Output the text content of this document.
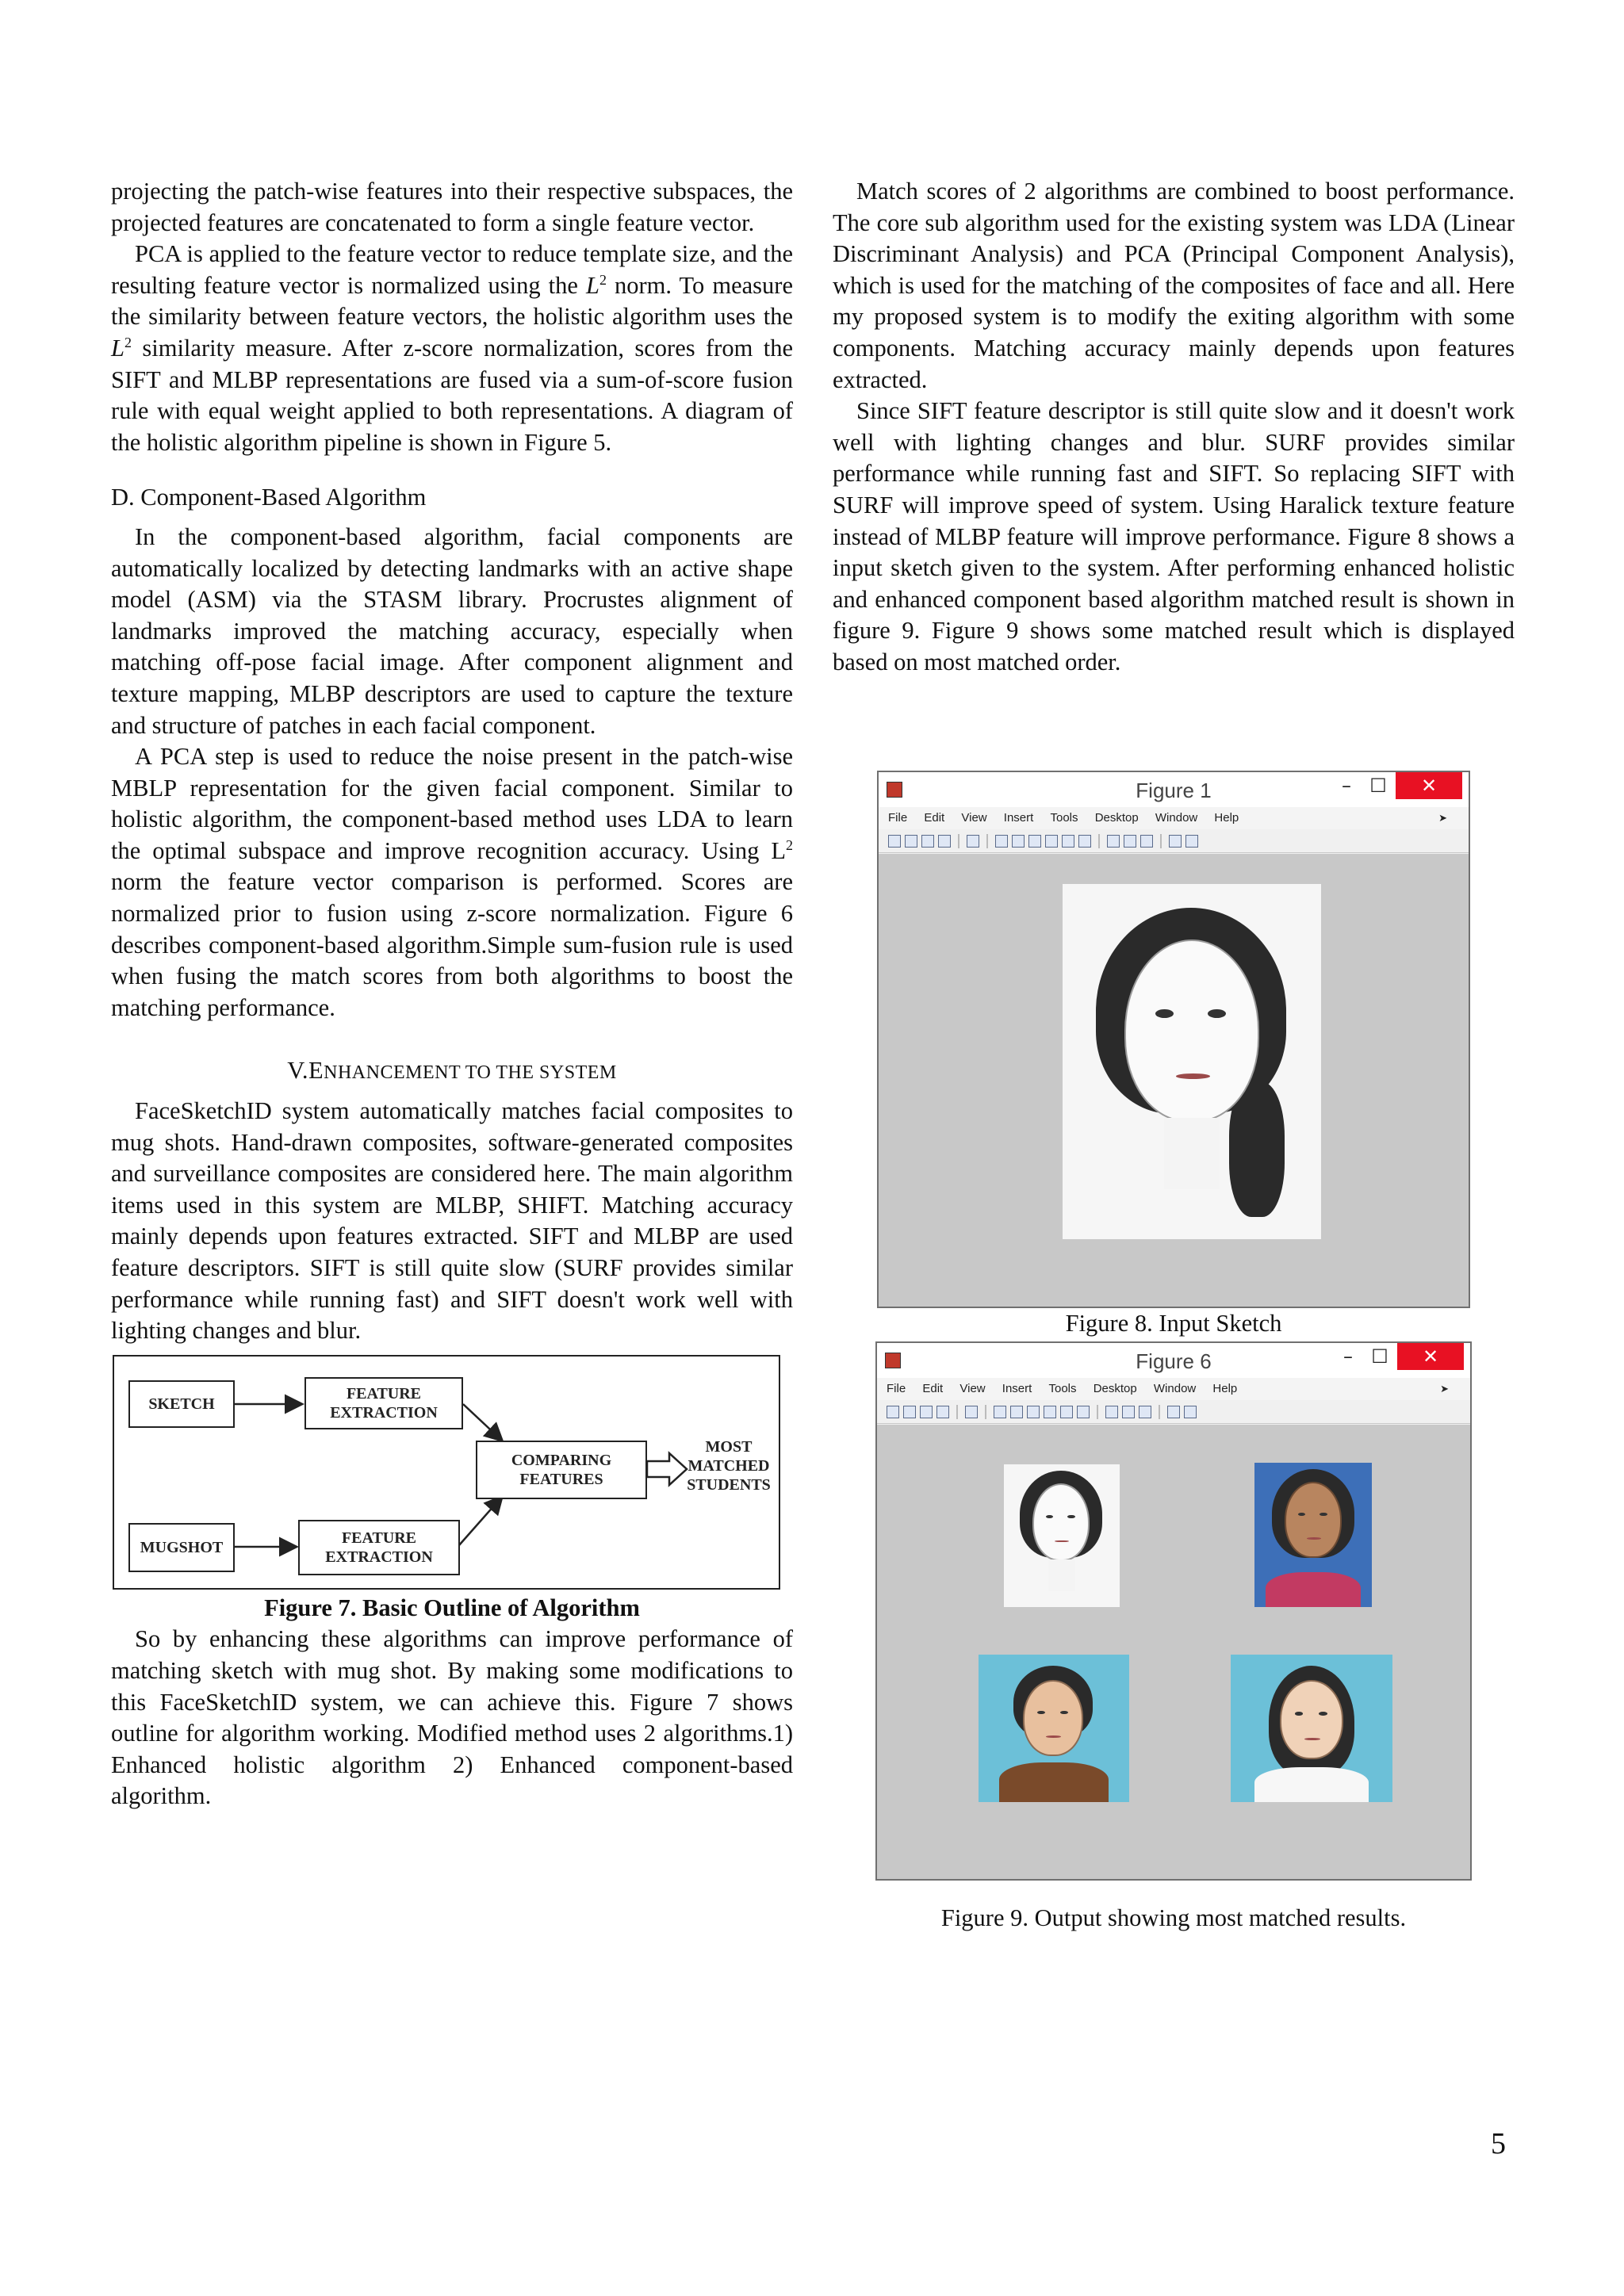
projecting the patch-wise features into their respective subspaces, the projected features are concatenated to form a single feature vector.

PCA is applied to the feature vector to reduce template size, and the resulting feature vector is normalized using the $L^2$ norm. To measure the similarity between feature vectors, the holistic algorithm uses the $L^2$ similarity measure. After z-score normalization, scores from the SIFT and MLBP representations are fused via a sum-of-score fusion rule with equal weight applied to both representations. A diagram of the holistic algorithm pipeline is shown in Figure 5.

D. Component-Based Algorithm

In the component-based algorithm, facial components are automatically localized by detecting landmarks with an active shape model (ASM) via the STASM library. Procrustes alignment of landmarks improved the matching accuracy, especially when matching off-pose facial image. After component alignment and texture mapping, MLBP descriptors are used to capture the texture and structure of patches in each facial component.

A PCA step is used to reduce the noise present in the patch-wise MBLP representation for the given facial component. Similar to holistic algorithm, the component-based method uses LDA to learn the optimal subspace and improve recognition accuracy. Using $L^2$ norm the feature vector comparison is performed. Scores are normalized prior to fusion using z-score normalization. Figure 6 describes component-based algorithm.Simple sum-fusion rule is used when fusing the match scores from both algorithms to boost the matching performance.

V.ENHANCEMENT TO THE SYSTEM

FaceSketchID system automatically matches facial composites to mug shots. Hand-drawn composites, software-generated composites and surveillance composites are considered here. The main algorithm items used in this system are MLBP, SHIFT. Matching accuracy mainly depends upon features extracted. SIFT and MLBP are used feature descriptors. SIFT is still quite slow (SURF provides similar performance while running fast) and SIFT doesn't work well with lighting changes and blur.

SKETCH
FEATURE
EXTRACTION
COMPARING
FEATURES
MOST
MATCHED
STUDENTS
MUGSHOT
FEATURE
EXTRACTION
Figure 7. Basic Outline of Algorithm

So by enhancing these algorithms can improve performance of matching sketch with mug shot. By making some modifications to this FaceSketchID system, we can achieve this. Figure 7 shows outline for algorithm working. Modified method uses 2 algorithms.1) Enhanced holistic algorithm 2) Enhanced component-based algorithm.

Match scores of 2 algorithms are combined to boost performance. The core sub algorithm used for the existing system was LDA (Linear Discriminant Analysis) and PCA (Principal Component Analysis), which is used for the matching of the composites of face and all. Here my proposed system is to modify the exiting algorithm with some components. Matching accuracy mainly depends upon features extracted.

Since SIFT feature descriptor is still quite slow and it doesn't work well with lighting changes and blur. SURF provides similar performance while running fast and SIFT. So replacing SIFT with SURF will improve speed of system. Using Haralick texture feature instead of MLBP feature will improve performance. Figure 8 shows a input sketch given to the system. After performing enhanced holistic and enhanced component based algorithm matched result is shown in figure 9. Figure 9 shows some matched result which is displayed based on most matched order.

Figure 1	– ☐	✕
File Edit View Insert Tools Desktop Window Help	➤
Figure 8. Input Sketch
Figure 6	– ☐	✕
File Edit View Insert Tools Desktop Window Help	➤
Figure 9. Output showing most matched results.
5
